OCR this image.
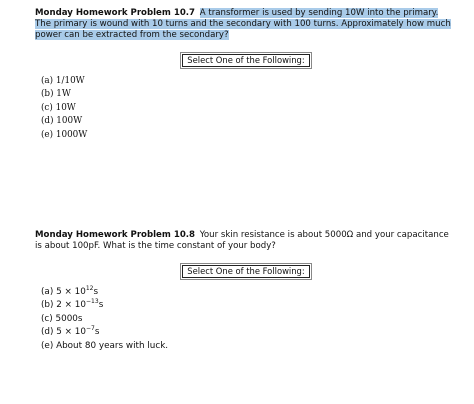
Monday Homework Problem 10.7 A transformer is used by sending 10W into the primary. The primary is wound with 10 turns and the secondary with 100 turns. Approximately how much power can be extracted from the secondary?

Select One of the Following:
(a) 1/10W
(b) 1W
(c) 10W
(d) 100W
(e) 1000W

Monday Homework Problem 10.8 Your skin resistance is about 5000Ω and your capacitance is about 100pF. What is the time constant of your body?

Select One of the Following:
(a) $5 \times 10^{12}s$
(b) $2 \times 10^{-13}s$
(c) 5000s
(d) $5 \times 10^{-7}s$
(e) About 80 years with luck.
